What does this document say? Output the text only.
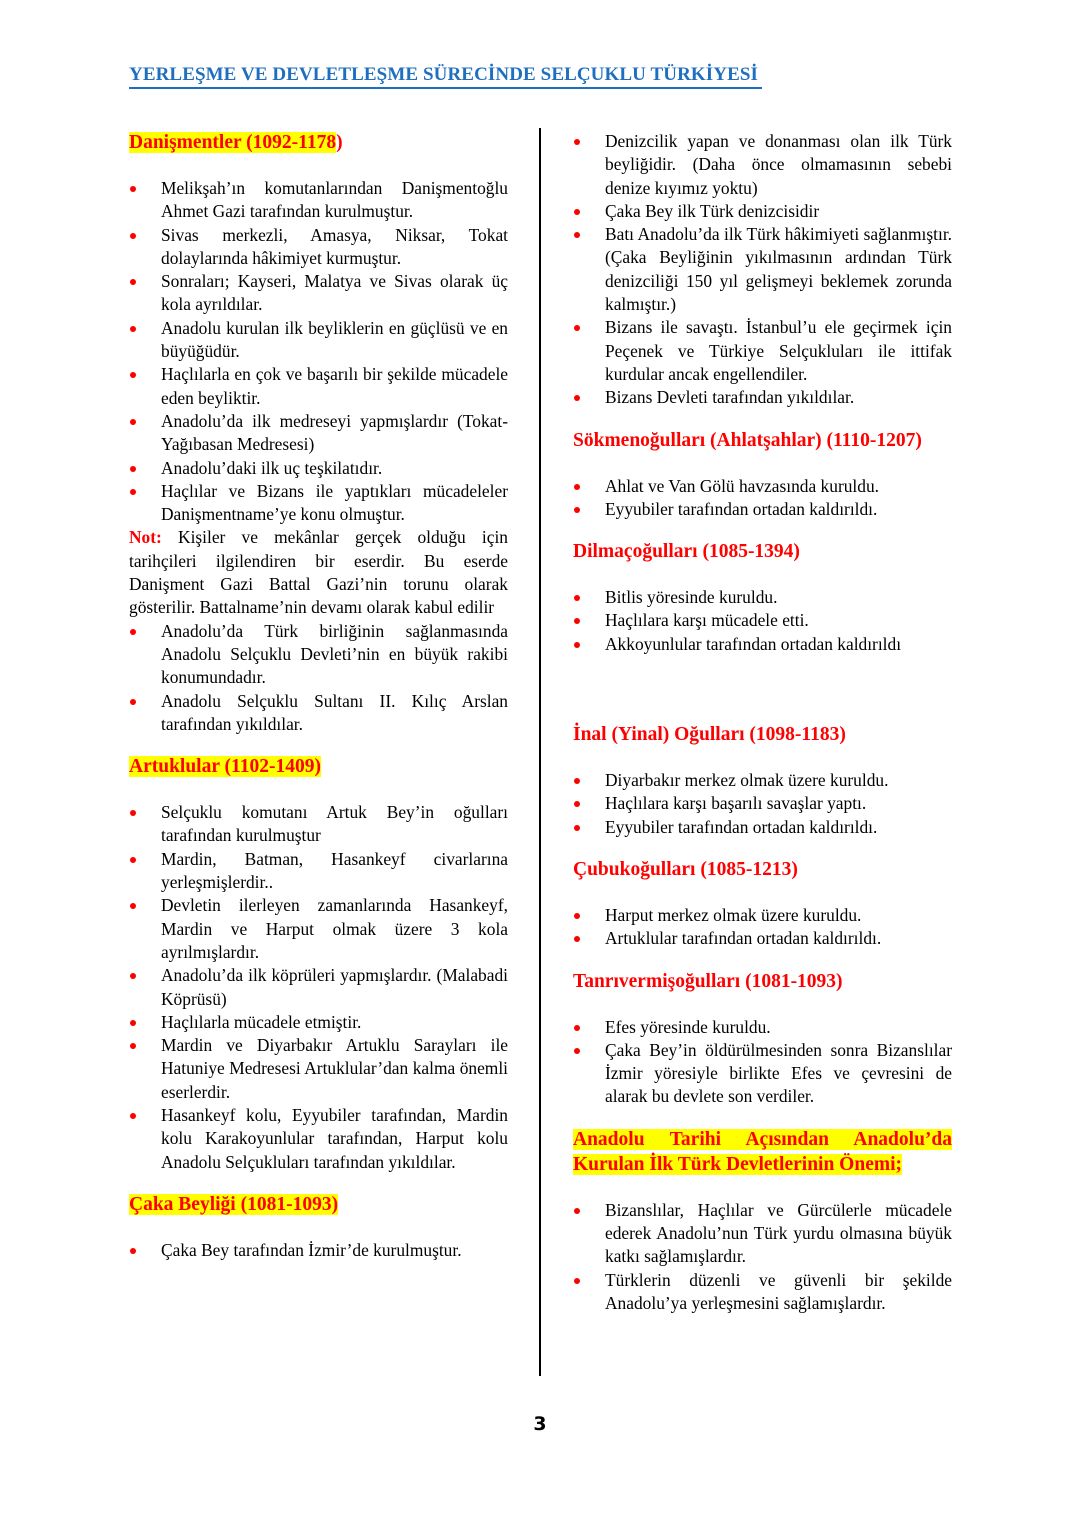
YERLEŞME VE DEVLETLEŞME SÜRECİNDE SELÇUKLU TÜRKİYESİ
Danişmentler (1092-1178)
Melikşah’ın komutanlarından Danişmentoğlu Ahmet Gazi tarafından kurulmuştur.
Sivas merkezli, Amasya, Niksar, Tokat dolaylarında hâkimiyet kurmuştur.
Sonraları; Kayseri, Malatya ve Sivas olarak üç kola ayrıldılar.
Anadolu kurulan ilk beyliklerin en güçlüsü ve en büyüğüdür.
Haçlılarla en çok ve başarılı bir şekilde mücadele eden beyliktir.
Anadolu’da ilk medreseyi yapmışlardır (Tokat- Yağıbasan Medresesi)
Anadolu’daki ilk uç teşkilatıdır.
Haçlılar ve Bizans ile yaptıkları mücadeleler Danişmentname’ye konu olmuştur.

Not: Kişiler ve mekânlar gerçek olduğu için tarihçileri ilgilendiren bir eserdir. Bu eserde Danişment Gazi Battal Gazi’nin torunu olarak gösterilir. Battalname’nin devamı olarak kabul edilir

Anadolu’da Türk birliğinin sağlanmasında Anadolu Selçuklu Devleti’nin en büyük rakibi konumundadır.
Anadolu Selçuklu Sultanı II. Kılıç Arslan tarafından yıkıldılar.
Artuklular (1102-1409)
Selçuklu komutanı Artuk Bey’in oğulları tarafından kurulmuştur
Mardin, Batman, Hasankeyf civarlarına yerleşmişlerdir..
Devletin ilerleyen zamanlarında Hasankeyf, Mardin ve Harput olmak üzere 3 kola ayrılmışlardır.
Anadolu’da ilk köprüleri yapmışlardır. (Malabadi Köprüsü)
Haçlılarla mücadele etmiştir.
Mardin ve Diyarbakır Artuklu Sarayları ile Hatuniye Medresesi Artuklular’dan kalma önemli eserlerdir.
Hasankeyf kolu, Eyyubiler tarafından, Mardin kolu Karakoyunlular tarafından, Harput kolu Anadolu Selçukluları tarafından yıkıldılar.
Çaka Beyliği (1081-1093)
Çaka Bey tarafından İzmir’de kurulmuştur.
Denizcilik yapan ve donanması olan ilk Türk beyliğidir. (Daha önce olmamasının sebebi denize kıyımız yoktu)
Çaka Bey ilk Türk denizcisidir
Batı Anadolu’da ilk Türk hâkimiyeti sağlanmıştır. (Çaka Beyliğinin yıkılmasının ardından Türk denizciliği 150 yıl gelişmeyi beklemek zorunda kalmıştır.)
Bizans ile savaştı. İstanbul’u ele geçirmek için Peçenek ve Türkiye Selçukluları ile ittifak kurdular ancak engellendiler.
Bizans Devleti tarafından yıkıldılar.
Sökmenoğulları (Ahlatşahlar) (1110-1207)
Ahlat ve Van Gölü havzasında kuruldu.
Eyyubiler tarafından ortadan kaldırıldı.
Dilmaçoğulları (1085-1394)
Bitlis yöresinde kuruldu.
Haçlılara karşı mücadele etti.
Akkoyunlular tarafından ortadan kaldırıldı
İnal (Yinal) Oğulları (1098-1183)
Diyarbakır merkez olmak üzere kuruldu.
Haçlılara karşı başarılı savaşlar yaptı.
Eyyubiler tarafından ortadan kaldırıldı.
Çubukoğulları (1085-1213)
Harput merkez olmak üzere kuruldu.
Artuklular tarafından ortadan kaldırıldı.
Tanrıvermişoğulları (1081-1093)
Efes yöresinde kuruldu.
Çaka Bey’in öldürülmesinden sonra Bizanslılar İzmir yöresiyle birlikte Efes ve çevresini de alarak bu devlete son verdiler.
Anadolu Tarihi Açısından Anadolu’da Kurulan İlk Türk Devletlerinin Önemi;
Bizanslılar, Haçlılar ve Gürcülerle mücadele ederek Anadolu’nun Türk yurdu olmasına büyük katkı sağlamışlardır.
Türklerin düzenli ve güvenli bir şekilde Anadolu’ya yerleşmesini sağlamışlardır.
3
